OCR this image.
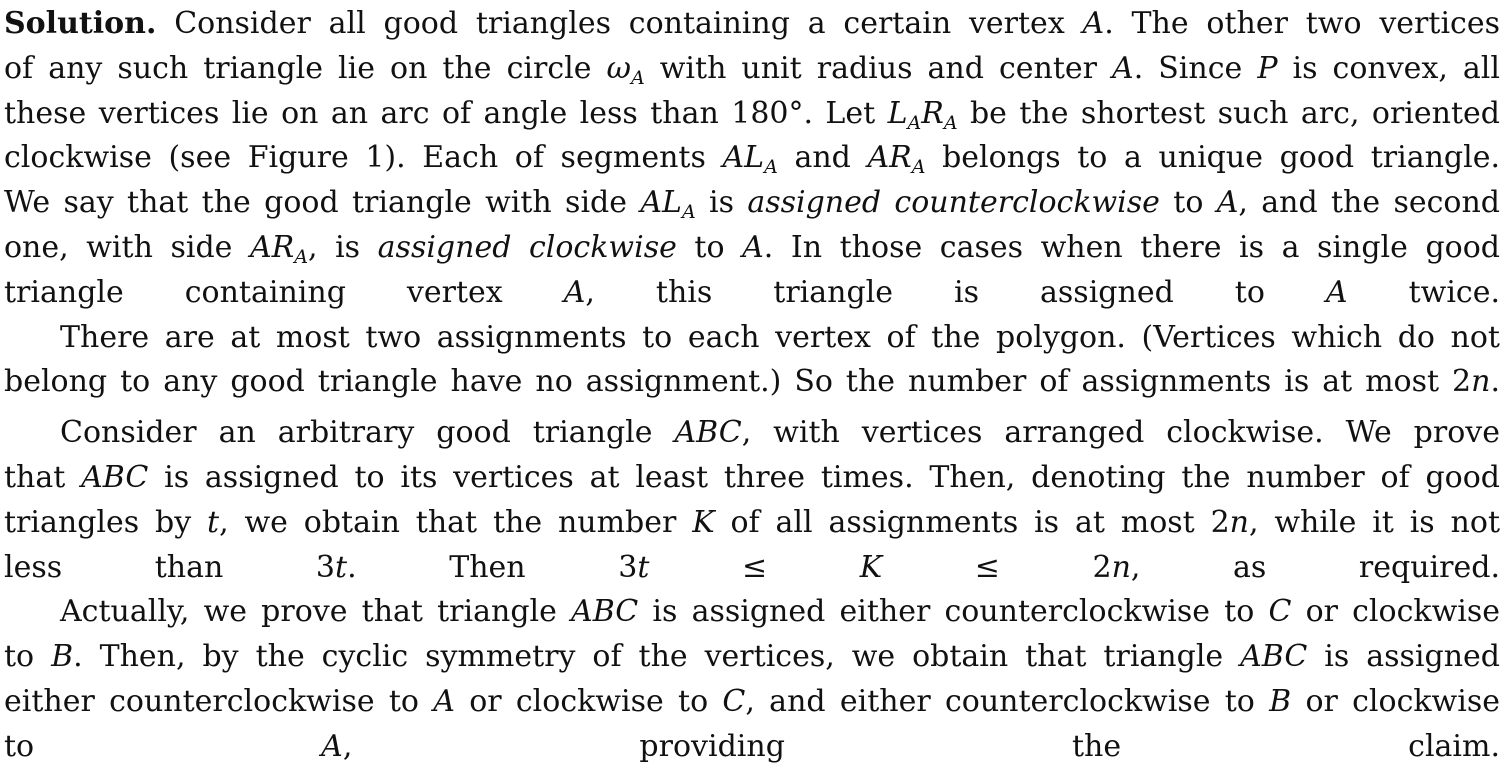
Solution. Consider all good triangles containing a certain vertex A. The other two vertices
of any such triangle lie on the circle $\omega_A$ with unit radius and center A. Since P is convex, all
these vertices lie on an arc of angle less than 180°. Let $L_AR_A$ be the shortest such arc, oriented
clockwise (see Figure 1). Each of segments $AL_A$ and $AR_A$ belongs to a unique good triangle.
We say that the good triangle with side $AL_A$ is assigned counterclockwise to A, and the second
one, with side $AR_A$, is assigned clockwise to A. In those cases when there is a single good
triangle containing vertex A, this triangle is assigned to A twice.
There are at most two assignments to each vertex of the polygon. (Vertices which do not
belong to any good triangle have no assignment.) So the number of assignments is at most 2n.
Consider an arbitrary good triangle ABC, with vertices arranged clockwise. We prove
that ABC is assigned to its vertices at least three times. Then, denoting the number of good
triangles by t, we obtain that the number K of all assignments is at most 2n, while it is not
less than 3t. Then 3t ≤ K ≤ 2n, as required.
Actually, we prove that triangle ABC is assigned either counterclockwise to C or clockwise
to B. Then, by the cyclic symmetry of the vertices, we obtain that triangle ABC is assigned
either counterclockwise to A or clockwise to C, and either counterclockwise to B or clockwise
to A, providing the claim.
